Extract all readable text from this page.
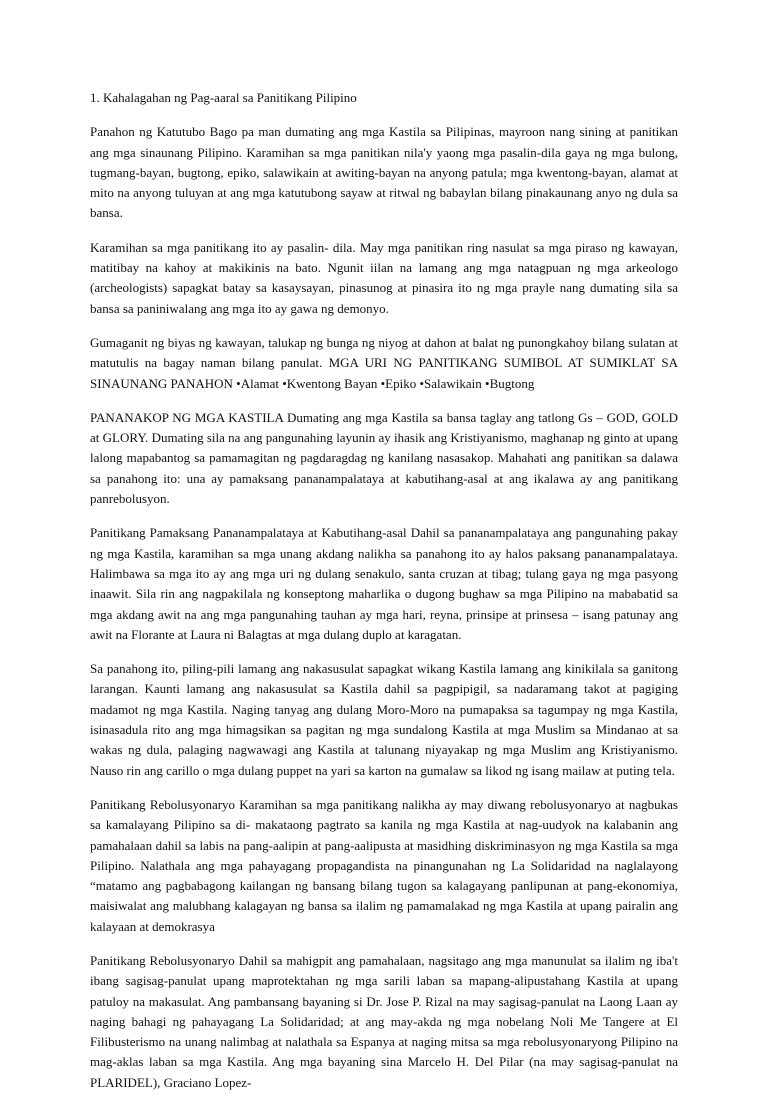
1. Kahalagahan ng Pag-aaral sa Panitikang Pilipino

Panahon ng Katutubo Bago pa man dumating ang mga Kastila sa Pilipinas, mayroon nang sining at panitikan ang mga sinaunang Pilipino. Karamihan sa mga panitikan nila'y yaong mga pasalin-dila gaya ng mga bulong, tugmang-bayan, bugtong, epiko, salawikain at awiting-bayan na anyong patula; mga kwentong-bayan, alamat at mito na anyong tuluyan at ang mga katutubong sayaw at ritwal ng babaylan bilang pinakaunang anyo ng dula sa bansa.

Karamihan sa mga panitikang ito ay pasalin- dila. May mga panitikan ring nasulat sa mga piraso ng kawayan, matitibay na kahoy at makikinis na bato. Ngunit iilan na lamang ang mga natagpuan ng mga arkeologo (archeologists) sapagkat batay sa kasaysayan, pinasunog at pinasira ito ng mga prayle nang dumating sila sa bansa sa paniniwalang ang mga ito ay gawa ng demonyo.

Gumaganit ng biyas ng kawayan, talukap ng bunga ng niyog at dahon at balat ng punongkahoy bilang sulatan at matutulis na bagay naman bilang panulat. MGA URI NG PANITIKANG SUMIBOL AT SUMIKLAT SA SINAUNANG PANAHON •Alamat •Kwentong Bayan •Epiko •Salawikain •Bugtong

PANANAKOP NG MGA KASTILA Dumating ang mga Kastila sa bansa taglay ang tatlong Gs – GOD, GOLD at GLORY. Dumating sila na ang pangunahing layunin ay ihasik ang Kristiyanismo, maghanap ng ginto at upang lalong mapabantog sa pamamagitan ng pagdaragdag ng kanilang nasasakop. Mahahati ang panitikan sa dalawa sa panahong ito: una ay pamaksang pananampalataya at kabutihang-asal at ang ikalawa ay ang panitikang panrebolusyon.

Panitikang Pamaksang Pananampalataya at Kabutihang-asal Dahil sa pananampalataya ang pangunahing pakay ng mga Kastila, karamihan sa mga unang akdang nalikha sa panahong ito ay halos paksang pananampalataya. Halimbawa sa mga ito ay ang mga uri ng dulang senakulo, santa cruzan at tibag; tulang gaya ng mga pasyong inaawit. Sila rin ang nagpakilala ng konseptong maharlika o dugong bughaw sa mga Pilipino na mababatid sa mga akdang awit na ang mga pangunahing tauhan ay mga hari, reyna, prinsipe at prinsesa – isang patunay ang awit na Florante at Laura ni Balagtas at mga dulang duplo at karagatan.

Sa panahong ito, piling-pili lamang ang nakasusulat sapagkat wikang Kastila lamang ang kinikilala sa ganitong larangan. Kaunti lamang ang nakasusulat sa Kastila dahil sa pagpipigil, sa nadaramang takot at pagiging madamot ng mga Kastila. Naging tanyag ang dulang Moro-Moro na pumapaksa sa tagumpay ng mga Kastila, isinasadula rito ang mga himagsikan sa pagitan ng mga sundalong Kastila at mga Muslim sa Mindanao at sa wakas ng dula, palaging nagwawagi ang Kastila at talunang niyayakap ng mga Muslim ang Kristiyanismo. Nauso rin ang carillo o mga dulang puppet na yari sa karton na gumalaw sa likod ng isang mailaw at puting tela.

Panitikang Rebolusyonaryo Karamihan sa mga panitikang nalikha ay may diwang rebolusyonaryo at nagbukas sa kamalayang Pilipino sa di- makataong pagtrato sa kanila ng mga Kastila at nag-uudyok na kalabanin ang pamahalaan dahil sa labis na pang-aalipin at pang-aalipusta at masidhing diskriminasyon ng mga Kastila sa mga Pilipino. Nalathala ang mga pahayagang propagandista na pinangunahan ng La Solidaridad na naglalayong “matamo ang pagbabagong kailangan ng bansang bilang tugon sa kalagayang panlipunan at pang-ekonomiya, maisiwalat ang malubhang kalagayan ng bansa sa ilalim ng pamamalakad ng mga Kastila at upang pairalin ang kalayaan at demokrasya

Panitikang Rebolusyonaryo Dahil sa mahigpit ang pamahalaan, nagsitago ang mga manunulat sa ilalim ng iba't ibang sagisag-panulat upang maprotektahan ng mga sarili laban sa mapang-alipustahang Kastila at upang patuloy na makasulat. Ang pambansang bayaning si Dr. Jose P. Rizal na may sagisag-panulat na Laong Laan ay naging bahagi ng pahayagang La Solidaridad; at ang may-akda ng mga nobelang Noli Me Tangere at El Filibusterismo na unang nalimbag at nalathala sa Espanya at naging mitsa sa mga rebolusyonaryong Pilipino na mag-aklas laban sa mga Kastila. Ang mga bayaning sina Marcelo H. Del Pilar (na may sagisag-panulat na PLARIDEL), Graciano Lopez-
